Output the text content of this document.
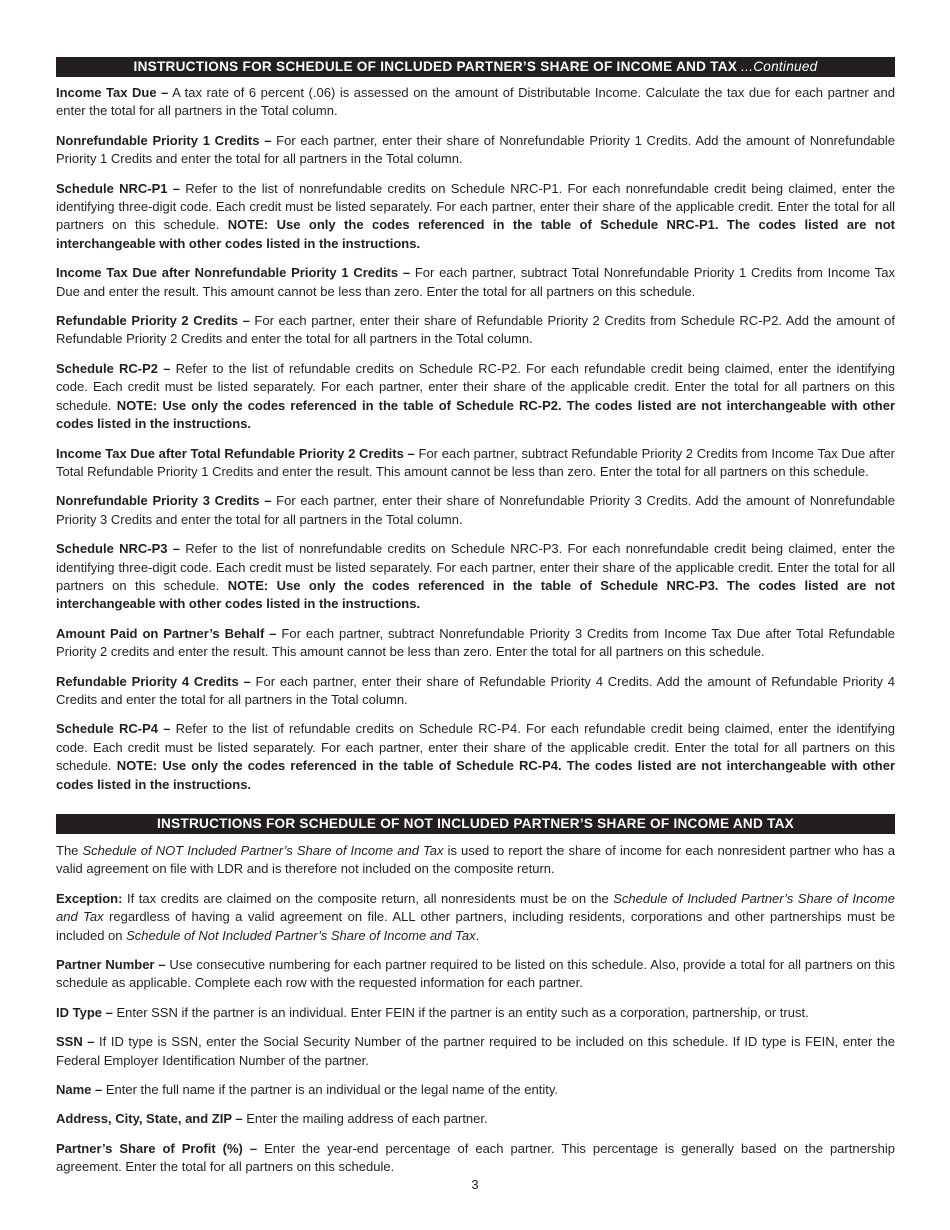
INSTRUCTIONS FOR SCHEDULE OF INCLUDED PARTNER’S SHARE OF INCOME AND TAX ...Continued

Income Tax Due – A tax rate of 6 percent (.06) is assessed on the amount of Distributable Income. Calculate the tax due for each partner and enter the total for all partners in the Total column.

Nonrefundable Priority 1 Credits – For each partner, enter their share of Nonrefundable Priority 1 Credits. Add the amount of Nonrefundable Priority 1 Credits and enter the total for all partners in the Total column.

Schedule NRC-P1 – Refer to the list of nonrefundable credits on Schedule NRC-P1. For each nonrefundable credit being claimed, enter the identifying three-digit code. Each credit must be listed separately. For each partner, enter their share of the applicable credit. Enter the total for all partners on this schedule. NOTE: Use only the codes referenced in the table of Schedule NRC-P1. The codes listed are not interchangeable with other codes listed in the instructions.

Income Tax Due after Nonrefundable Priority 1 Credits – For each partner, subtract Total Nonrefundable Priority 1 Credits from Income Tax Due and enter the result. This amount cannot be less than zero. Enter the total for all partners on this schedule.

Refundable Priority 2 Credits – For each partner, enter their share of Refundable Priority 2 Credits from Schedule RC-P2. Add the amount of Refundable Priority 2 Credits and enter the total for all partners in the Total column.

Schedule RC-P2 – Refer to the list of refundable credits on Schedule RC-P2. For each refundable credit being claimed, enter the identifying code. Each credit must be listed separately. For each partner, enter their share of the applicable credit. Enter the total for all partners on this schedule. NOTE: Use only the codes referenced in the table of Schedule RC-P2. The codes listed are not interchangeable with other codes listed in the instructions.

Income Tax Due after Total Refundable Priority 2 Credits – For each partner, subtract Refundable Priority 2 Credits from Income Tax Due after Total Refundable Priority 1 Credits and enter the result. This amount cannot be less than zero. Enter the total for all partners on this schedule.

Nonrefundable Priority 3 Credits – For each partner, enter their share of Nonrefundable Priority 3 Credits. Add the amount of Nonrefundable Priority 3 Credits and enter the total for all partners in the Total column.

Schedule NRC-P3 – Refer to the list of nonrefundable credits on Schedule NRC-P3. For each nonrefundable credit being claimed, enter the identifying three-digit code. Each credit must be listed separately. For each partner, enter their share of the applicable credit. Enter the total for all partners on this schedule. NOTE: Use only the codes referenced in the table of Schedule NRC-P3. The codes listed are not interchangeable with other codes listed in the instructions.

Amount Paid on Partner’s Behalf – For each partner, subtract Nonrefundable Priority 3 Credits from Income Tax Due after Total Refundable Priority 2 credits and enter the result. This amount cannot be less than zero. Enter the total for all partners on this schedule.

Refundable Priority 4 Credits – For each partner, enter their share of Refundable Priority 4 Credits. Add the amount of Refundable Priority 4 Credits and enter the total for all partners in the Total column.

Schedule RC-P4 – Refer to the list of refundable credits on Schedule RC-P4. For each refundable credit being claimed, enter the identifying code. Each credit must be listed separately. For each partner, enter their share of the applicable credit. Enter the total for all partners on this schedule. NOTE: Use only the codes referenced in the table of Schedule RC-P4. The codes listed are not interchangeable with other codes listed in the instructions.

INSTRUCTIONS FOR SCHEDULE OF NOT INCLUDED PARTNER’S SHARE OF INCOME AND TAX

The Schedule of NOT Included Partner’s Share of Income and Tax is used to report the share of income for each nonresident partner who has a valid agreement on file with LDR and is therefore not included on the composite return.

Exception: If tax credits are claimed on the composite return, all nonresidents must be on the Schedule of Included Partner’s Share of Income and Tax regardless of having a valid agreement on file. ALL other partners, including residents, corporations and other partnerships must be included on Schedule of Not Included Partner’s Share of Income and Tax.

Partner Number – Use consecutive numbering for each partner required to be listed on this schedule. Also, provide a total for all partners on this schedule as applicable. Complete each row with the requested information for each partner.

ID Type – Enter SSN if the partner is an individual. Enter FEIN if the partner is an entity such as a corporation, partnership, or trust.

SSN – If ID type is SSN, enter the Social Security Number of the partner required to be included on this schedule. If ID type is FEIN, enter the Federal Employer Identification Number of the partner.

Name – Enter the full name if the partner is an individual or the legal name of the entity.

Address, City, State, and ZIP – Enter the mailing address of each partner.

Partner’s Share of Profit (%) – Enter the year-end percentage of each partner. This percentage is generally based on the partnership agreement. Enter the total for all partners on this schedule.

3
